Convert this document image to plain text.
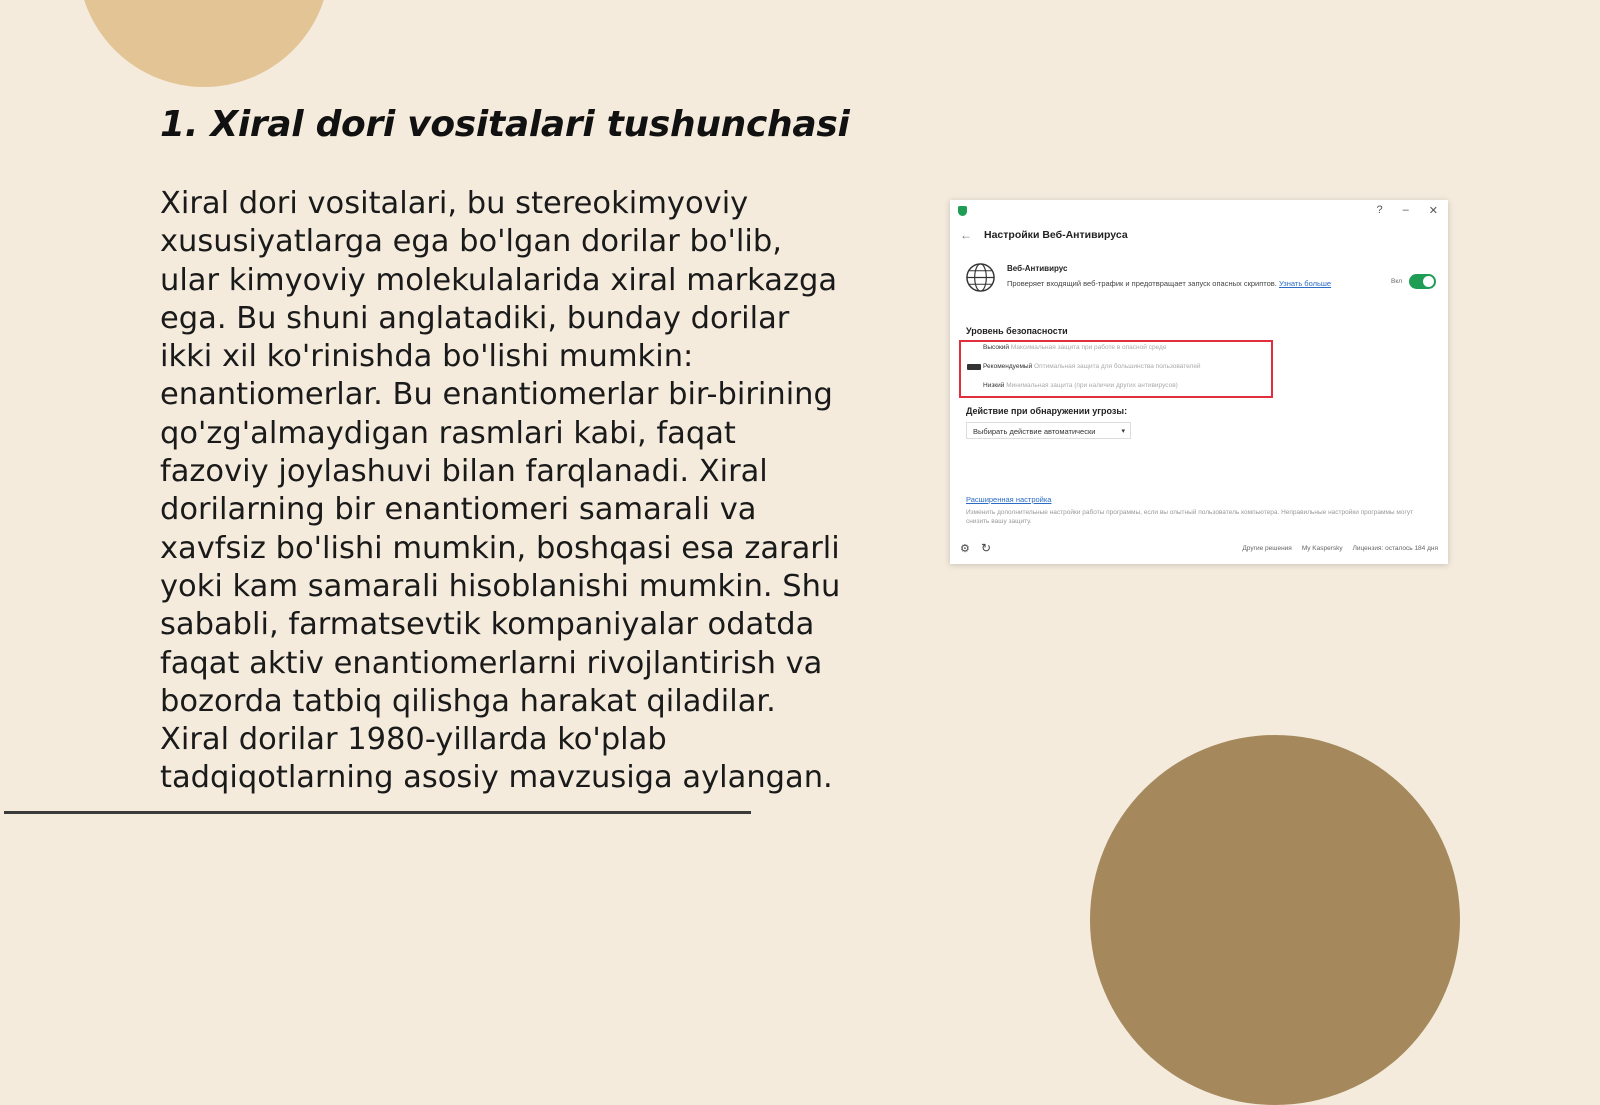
1. Xiral dori vositalari tushunchasi

Xiral dori vositalari, bu stereokimyoviy xususiyatlarga ega bo'lgan dorilar bo'lib, ular kimyoviy molekulalarida xiral markazga ega. Bu shuni anglatadiki, bunday dorilar ikki xil ko'rinishda bo'lishi mumkin: enantiomerlar. Bu enantiomerlar bir-birining qo'zg'almaydigan rasmlari kabi, faqat fazoviy joylashuvi bilan farqlanadi. Xiral dorilarning bir enantiomeri samarali va xavfsiz bo'lishi mumkin, boshqasi esa zararli yoki kam samarali hisoblanishi mumkin. Shu sababli, farmatsevtik kompaniyalar odatda faqat aktiv enantiomerlarni rivojlantirish va bozorda tatbiq qilishga harakat qiladilar. Xiral dorilar 1980-yillarda ko'plab tadqiqotlarning asosiy mavzusiga aylangan.

? – ✕
← Настройки Веб-Антивируса
Веб-Антивирус
Проверяет входящий веб-трафик и предотвращает запуск опасных скриптов. Узнать больше	Вкл
Уровень безопасности
Высокий Максимальная защита при работе в опасной среде
Рекомендуемый Оптимальная защита для большинства пользователей
Низкий Минимальная защита (при наличии других антивирусов)
Действие при обнаружении угрозы:
Выбирать действие автоматически	▾
Расширенная настройка
Изменить дополнительные настройки работы программы, если вы опытный пользователь компьютера. Неправильные настройки программы могут снизить вашу защиту.
⚙ ↻	Другие решения My Kaspersky Лицензия: осталось 184 дня
